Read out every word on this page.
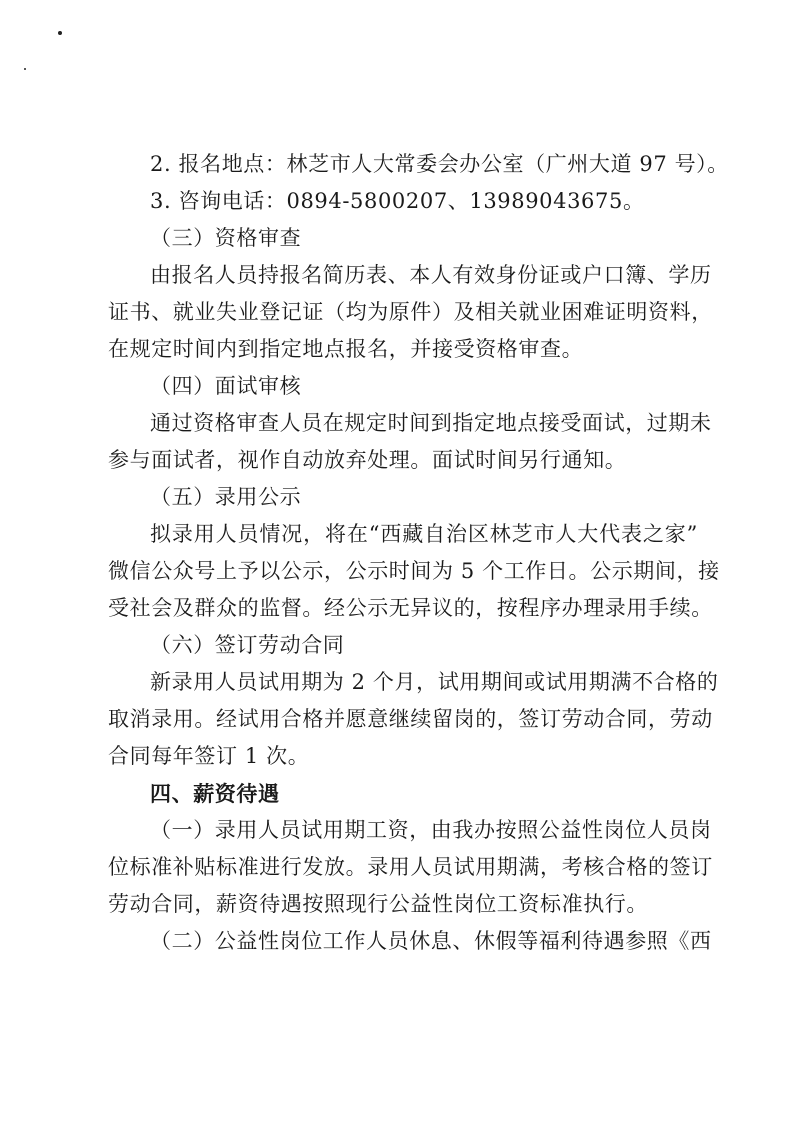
2. 报名地点：林芝市人大常委会办公室（广州大道 97 号）。

3. 咨询电话：0894-5800207、13989043675。

（三）资格审查

由报名人员持报名简历表、本人有效身份证或户口簿、学历

证书、就业失业登记证（均为原件）及相关就业困难证明资料，

在规定时间内到指定地点报名，并接受资格审查。

（四）面试审核

通过资格审查人员在规定时间到指定地点接受面试，过期未

参与面试者，视作自动放弃处理。面试时间另行通知。

（五）录用公示

拟录用人员情况，将在“西藏自治区林芝市人大代表之家”

微信公众号上予以公示，公示时间为 5 个工作日。公示期间，接

受社会及群众的监督。经公示无异议的，按程序办理录用手续。

（六）签订劳动合同

新录用人员试用期为 2 个月，试用期间或试用期满不合格的

取消录用。经试用合格并愿意继续留岗的，签订劳动合同，劳动

合同每年签订 1 次。

四、薪资待遇

（一）录用人员试用期工资，由我办按照公益性岗位人员岗

位标准补贴标准进行发放。录用人员试用期满，考核合格的签订

劳动合同，薪资待遇按照现行公益性岗位工资标准执行。

（二）公益性岗位工作人员休息、休假等福利待遇参照《西
